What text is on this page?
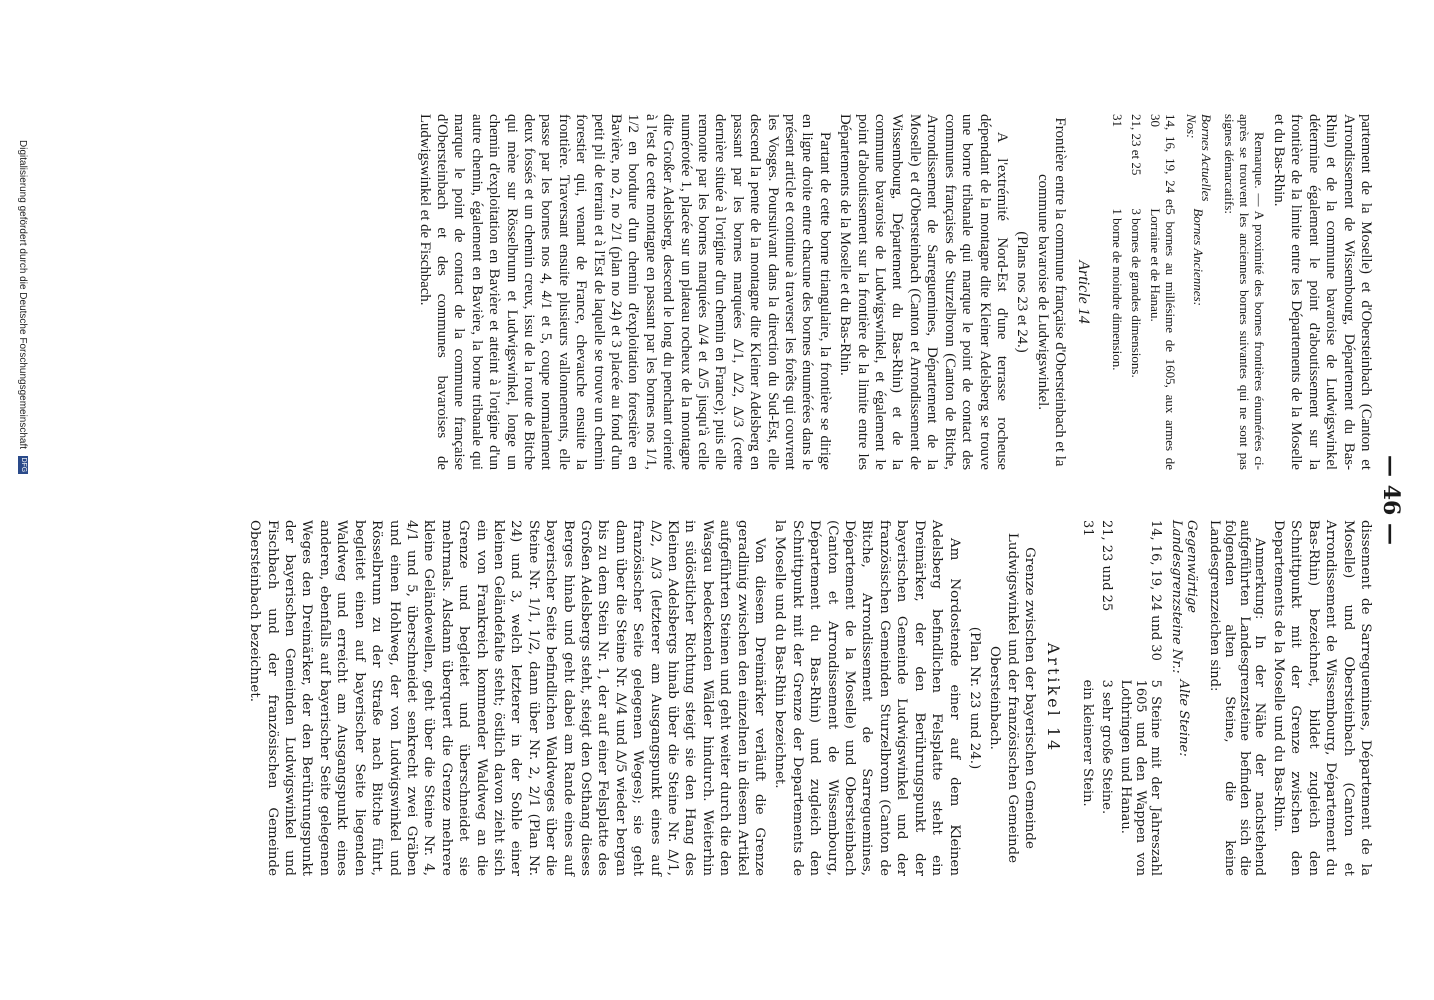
— 46 —

partement de la Moselle) et d'Obersteinbach (Canton et Arrondissement de Wissembourg, Département du Bas-Rhin) et de la commune bavaroise de Ludwigswinkel détermine également le point d'aboutissement sur la frontière de la limite entre les Départements de la Moselle et du Bas-Rhin.

Remarque. — A proximité des bornes frontières énumérées ci-après se trouvent les anciennes bornes suivantes qui ne sont pas signes démarcatifs:

Bornes Actuelles Nos:	Bornes Anciennes:
14, 16, 19, 24 et 30	5 bornes au millésime de 1605, aux armes de Lorraine et de Hanau.
21, 23 et 25	3 bornes de grandes dimensions.
31	1 borne de moindre dimension.

Article 14

Frontière entre la commune française d'Obersteinbach et la commune bavaroise de Ludwigswinkel.

(Plans nos 23 et 24.)

A l'extrémité Nord-Est d'une terrasse rocheuse dépendant de la montagne dite Kleiner Adelsberg se trouve une borne tribanale qui marque le point de contact des communes françaises de Sturzelbronn (Canton de Bitche, Arrondissement de Sarreguemines, Département de la Moselle) et d'Obersteinbach (Canton et Arrondissement de Wissembourg, Département du Bas-Rhin) et de la commune bavaroise de Ludwigswinkel, et également le point d'aboutissement sur la frontière de la limite entre les Départements de la Moselle et du Bas-Rhin.

Partant de cette borne triangulaire, la frontière se dirige en ligne droite entre chacune des bornes énumérées dans le présent article et continue à traverser les forêts qui couvrent les Vosges. Poursuivant dans la direction du Sud-Est, elle descend la pente de la montagne dite Kleiner Adelsberg en passant par les bornes marquées Δ/1, Δ/2, Δ/3 (cette dernière située à l'origine d'un chemin en France); puis elle remonte par les bornes marquées Δ/4 et Δ/5 jusqu'à celle numérotée 1, placée sur un plateau rocheux de la montagne dite Großer Adelsberg, descend le long du penchant orienté à l'est de cette montagne en passant par les bornes nos 1/1, 1/2 en bordure d'un chemin d'exploitation forestière en Bavière, no 2, no 2/1 (plan no 24) et 3 placée au fond d'un petit pli de terrain et à l'Est de laquelle se trouve un chemin forestier qui, venant de France, chevauche ensuite la frontière. Traversant ensuite plusieurs vallonnements, elle passe par les bornes nos 4, 4/1 et 5, coupe normalement deux fossés et un chemin creux, issu de la route de Bitche qui mène sur Rösselbrunn et Ludwigswinkel, longe un chemin d'exploitation en Bavière et atteint à l'origine d'un autre chemin, également en Bavière, la borne tribanale qui marque le point de contact de la commune française d'Obersteinbach et des communes bavaroises de Ludwigswinkel et de Fischbach.

dissement de Sarreguemines, Département de la Moselle) und Obersteinbach (Canton et Arrondissement de Wissembourg, Département du Bas-Rhin) bezeichnet, bildet zugleich den Schnittpunkt mit der Grenze zwischen den Departements de la Moselle und du Bas-Rhin.

Anmerkung: In der Nähe der nachstehend aufgeführten Landesgrenzsteine befinden sich die folgenden alten Steine, die keine Landesgrenzzeichen sind:

Gegenwärtige Landesgrenzsteine Nr.:	Alte Steine:
14, 16, 19, 24 und 30	5 Steine mit der Jahreszahl 1605 und den Wappen von Lothringen und Hanau.
21, 23 und 25	3 sehr große Steine.
31	ein kleinerer Stein.

Artikel 14

Grenze zwischen der bayerischen Gemeinde Ludwigswinkel und der französischen Gemeinde Obersteinbach.

(Plan Nr. 23 und 24.)

Am Nordostende einer auf dem Kleinen Adelsberg befindlichen Felsplatte steht ein Dreimärker, der den Berührungspunkt der bayerischen Gemeinde Ludwigswinkel und der französischen Gemeinden Sturzelbronn (Canton de Bitche, Arrondissement de Sarreguemines, Département de la Moselle) und Obersteinbach (Canton et Arrondissement de Wissembourg, Département du Bas-Rhin) und zugleich den Schnittpunkt mit der Grenze der Departements de la Moselle und du Bas-Rhin bezeichnet.

Von diesem Dreimärker verläuft die Grenze geradlinig zwischen den einzelnen in diesem Artikel aufgeführten Steinen und geht weiter durch die den Wasgau bedeckenden Wälder hindurch. Weiterhin in südöstlicher Richtung steigt sie den Hang des Kleinen Adelsbergs hinab über die Steine Nr. Δ/1, Δ/2, Δ/3 (letzterer am Ausgangspunkt eines auf französischer Seite gelegenen Weges); sie geht dann über die Steine Nr. Δ/4 und Δ/5 wieder bergan bis zu dem Stein Nr. 1, der auf einer Felsplatte des Großen Adelsbergs steht, steigt den Osthang dieses Berges hinab und geht dabei am Rande eines auf bayerischer Seite befindlichen Waldweges über die Steine Nr. 1/1, 1/2, dann über Nr. 2, 2/1 (Plan Nr. 24) und 3, welch letzterer in der Sohle einer kleinen Geländefalte steht; östlich davon zieht sich ein von Frankreich kommender Waldweg an die Grenze und begleitet und überschneidet sie mehrmals. Alsdann überquert die Grenze mehrere kleine Geländewellen, geht über die Steine Nr. 4, 4/1 und 5, überschneidet senkrecht zwei Gräben und einen Hohlweg, der von Ludwigswinkel und Rösselbrunn zu der Straße nach Bitche führt, begleitet einen auf bayerischer Seite liegenden Waldweg und erreicht am Ausgangspunkt eines anderen, ebenfalls auf bayerischer Seite gelegenen Weges den Dreimärker, der den Berührungspunkt der bayerischen Gemeinden Ludwigswinkel und Fischbach und der französischen Gemeinde Obersteinbach bezeichnet.

Digitalisierung gefördert durch die Deutsche Forschungsgemeinschaft DFG
